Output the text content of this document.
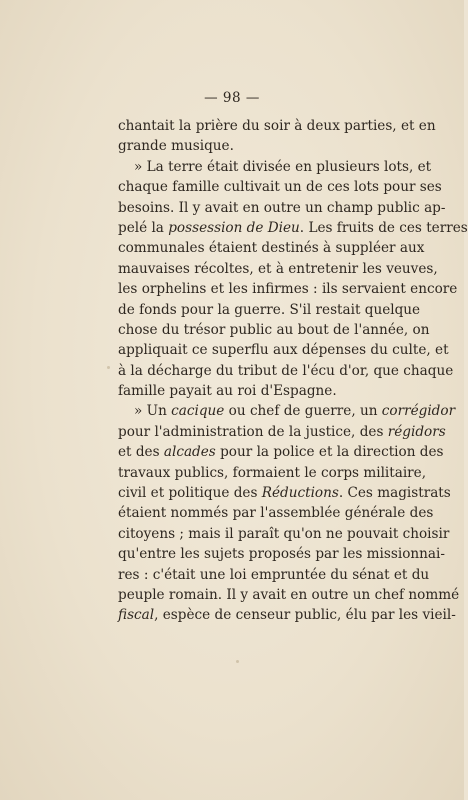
— 98 —
chantait la prière du soir à deux parties, et en
grande musique.
» La terre était divisée en plusieurs lots, et
chaque famille cultivait un de ces lots pour ses
besoins. Il y avait en outre un champ public ap-
pelé la possession de Dieu. Les fruits de ces terres
communales étaient destinés à suppléer aux
mauvaises récoltes, et à entretenir les veuves,
les orphelins et les infirmes : ils servaient encore
de fonds pour la guerre. S'il restait quelque
chose du trésor public au bout de l'année, on
appliquait ce superflu aux dépenses du culte, et
à la décharge du tribut de l'écu d'or, que chaque
famille payait au roi d'Espagne.
» Un cacique ou chef de guerre, un corrégidor
pour l'administration de la justice, des régidors
et des alcades pour la police et la direction des
travaux publics, formaient le corps militaire,
civil et politique des Réductions. Ces magistrats
étaient nommés par l'assemblée générale des
citoyens ; mais il paraît qu'on ne pouvait choisir
qu'entre les sujets proposés par les missionnai-
res : c'était une loi empruntée du sénat et du
peuple romain. Il y avait en outre un chef nommé
fiscal, espèce de censeur public, élu par les vieil-
